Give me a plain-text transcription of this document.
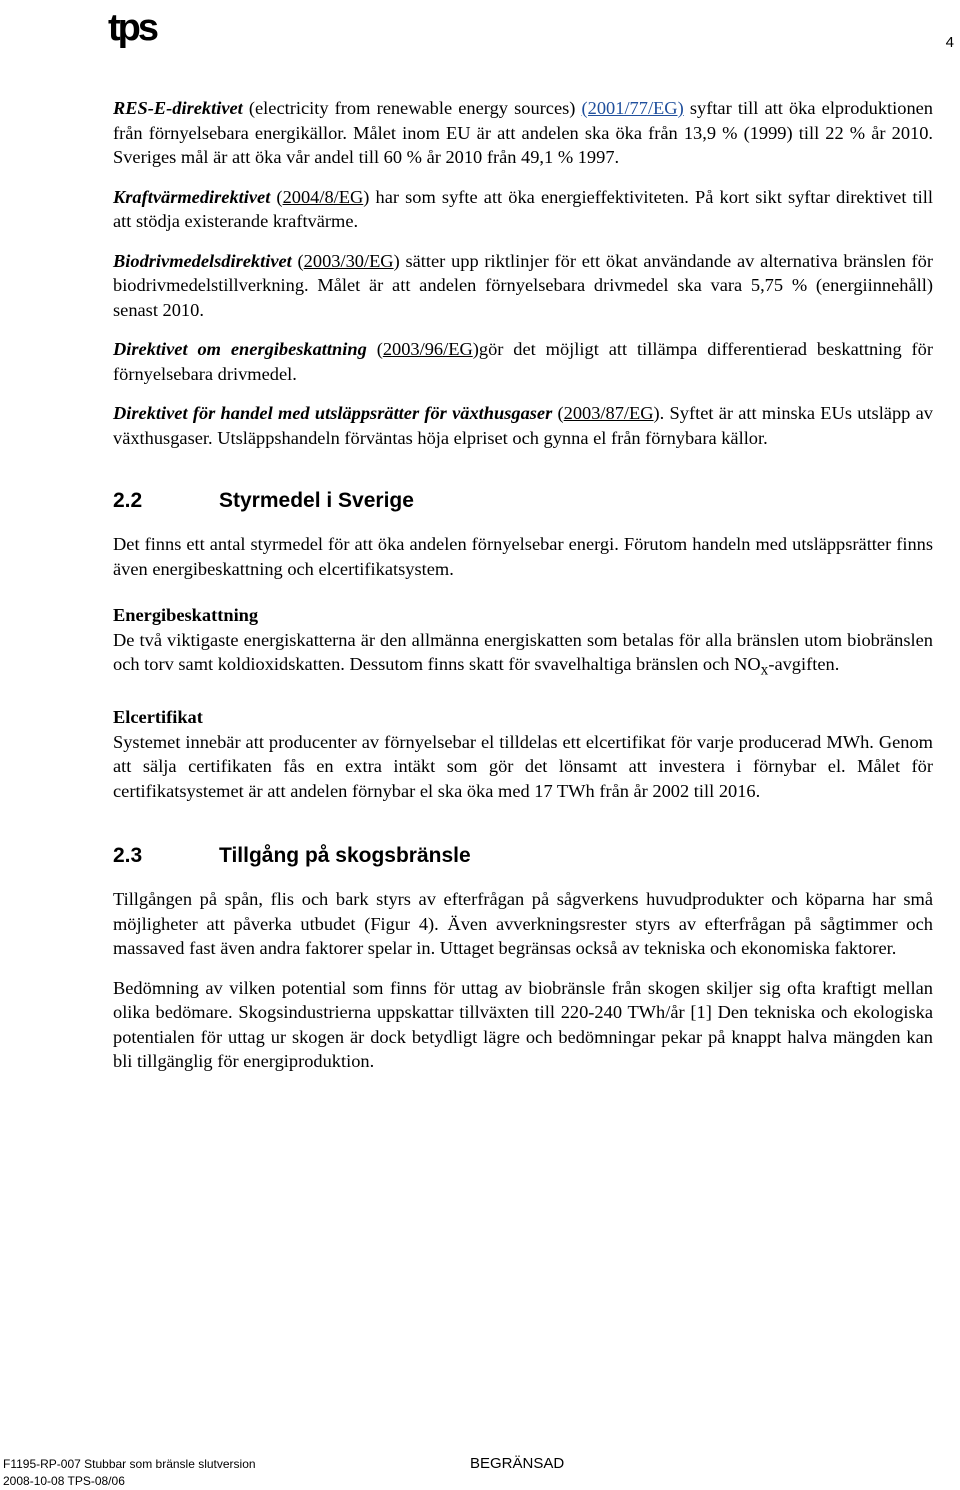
tps	4

RES-E-direktivet (electricity from renewable energy sources) (2001/77/EG) syftar till att öka elproduktionen från förnyelsebara energikällor. Målet inom EU är att andelen ska öka från 13,9 % (1999) till 22 % år 2010. Sveriges mål är att öka vår andel till 60 % år 2010 från 49,1 % 1997.

Kraftvärmedirektivet (2004/8/EG) har som syfte att öka energieffektiviteten. På kort sikt syftar direktivet till att stödja existerande kraftvärme.

Biodrivmedelsdirektivet (2003/30/EG) sätter upp riktlinjer för ett ökat användande av alternativa bränslen för biodrivmedelstillverkning. Målet är att andelen förnyelsebara drivmedel ska vara 5,75 % (energiinnehåll) senast 2010.

Direktivet om energibeskattning (2003/96/EG)gör det möjligt att tillämpa differentierad beskattning för förnyelsebara drivmedel.

Direktivet för handel med utsläppsrätter för växthusgaser (2003/87/EG). Syftet är att minska EUs utsläpp av växthusgaser. Utsläppshandeln förväntas höja elpriset och gynna el från förnybara källor.

2.2	Styrmedel i Sverige

Det finns ett antal styrmedel för att öka andelen förnyelsebar energi. Förutom handeln med utsläppsrätter finns även energibeskattning och elcertifikatsystem.

Energibeskattning

De två viktigaste energiskatterna är den allmänna energiskatten som betalas för alla bränslen utom biobränslen och torv samt koldioxidskatten. Dessutom finns skatt för svavelhaltiga bränslen och $NO_x$-avgiften.

Elcertifikat

Systemet innebär att producenter av förnyelsebar el tilldelas ett elcertifikat för varje producerad MWh. Genom att sälja certifikaten fås en extra intäkt som gör det lönsamt att investera i förnybar el. Målet för certifikatsystemet är att andelen förnybar el ska öka med 17 TWh från år 2002 till 2016.

2.3	Tillgång på skogsbränsle

Tillgången på spån, flis och bark styrs av efterfrågan på sågverkens huvudprodukter och köparna har små möjligheter att påverka utbudet (Figur 4). Även avverkningsrester styrs av efterfrågan på sågtimmer och massaved fast även andra faktorer spelar in. Uttaget begränsas också av tekniska och ekonomiska faktorer.

Bedömning av vilken potential som finns för uttag av biobränsle från skogen skiljer sig ofta kraftigt mellan olika bedömare. Skogsindustrierna uppskattar tillväxten till 220-240 TWh/år [1] Den tekniska och ekologiska potentialen för uttag ur skogen är dock betydligt lägre och bedömningar pekar på knappt halva mängden kan bli tillgänglig för energiproduktion.

F1195-RP-007 Stubbar som bränsle slutversion
2008-10-08 TPS-08/06
BEGRÄNSAD
